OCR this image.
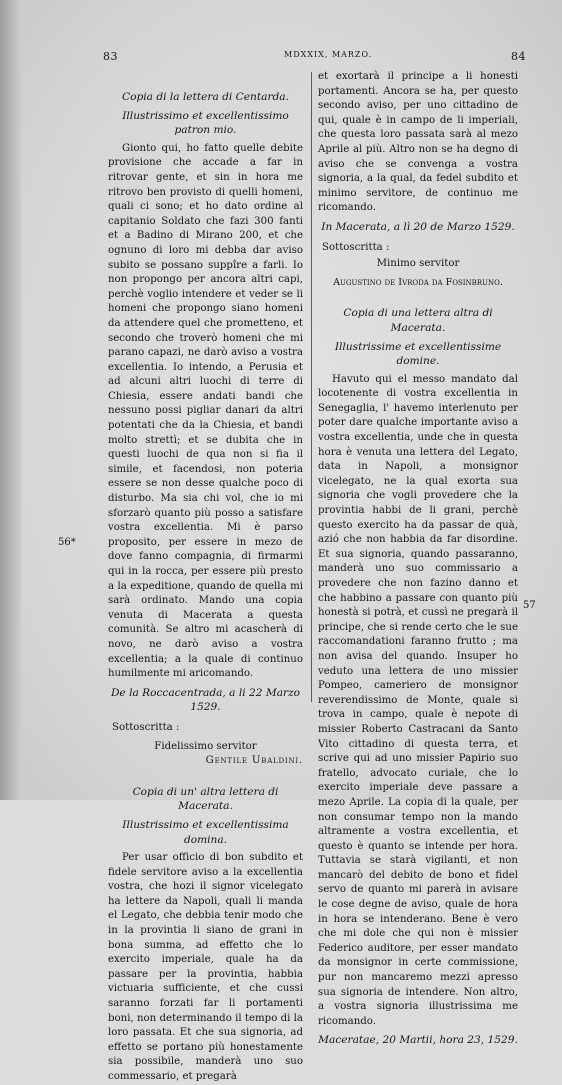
83	MDXXIX, MARZO.	84
56*
57

Copia di la lettera di Centarda.

Illustrissimo et excellentissimo patron mio.

Gionto qui, ho fatto quelle debite provisione che accade a far in ritrovar gente, et sin in hora me ritrovo ben provisto di quelli homeni, quali ci sono; et ho dato ordine al capitanio Soldato che fazi 300 fanti et a Badino di Mirano 200, et che ognuno di loro mi debba dar aviso subito se possano suppîre a farli. Io non propongo per ancora altri capi, perchè voglio intendere et veder se li homeni che propongo siano homeni da attendere quel che prometteno, et secondo che troverò homeni che mi parano capazi, ne darò aviso a vostra excellentia. Io intendo, a Perusia et ad alcuni altri luochi di terre di Chiesia, essere andati bandi che nessuno possi pigliar danari da altri potentati che da la Chiesia, et bandi molto strettì; et se dubita che in questi luochi de qua non si fia il simile, et facendosi, non poteria essere se non desse qualche poco di disturbo. Ma sia chi vol, che io mi sforzarò quanto più posso a satisfare vostra excellentia. Mi è parso proposito, per essere in mezo de dove fanno compagnia, di firmarmi qui in la rocca, per essere più presto a la expeditione, quando de quella mi sarà ordinato. Mando una copia venuta di Macerata a questa comunità. Se altro mi acascherà di novo, ne darò aviso a vostra excellentia; a la quale di continuo humilmente mi aricomando.

De la Roccacentrada, a li 22 Marzo 1529.

Sottoscritta :

Fidelissimo servitor

Gentile Ubaldini.

Copia di un' altra lettera di Macerata.

Illustrissimo et excellentissima domina.

Per usar officio di bon subdito et fidele servitore aviso a la excellentia vostra, che hozi il signor vicelegato ha lettere da Napoli, quali li manda el Legato, che debbia tenir modo che in la provintia li siano de grani in bona summa, ad effetto che lo exercito imperiale, quale ha da passare per la provintia, habbia victuaria sufficiente, et che cussi saranno forzati far li portamenti boni, non determinando il tempo di la loro passata. Et che sua signoria, ad effetto se portano più honestamente sia possibile, manderà uno suo commessario, et pregarà

et exortarà il principe a li honesti portamenti. Ancora se ha, per questo secondo aviso, per uno cittadino de qui, quale è in campo de li imperiali, che questa loro passata sarà al mezo Aprile al più. Altro non se ha degno di aviso che se convenga a vostra signoria, a la qual, da fedel subdito et minimo servitore, de continuo me ricomando.

In Macerata, a lì 20 de Marzo 1529.

Sottoscritta :

Minimo servitor

Augustino de Ivroda da Fosinbruno.

Copia di una lettera altra di Macerata.

Illustrissime et excellentissime domine.

Havuto qui el messo mandato dal locotenente di vostra excellentia in Senegaglia, l' havemo interlenuto per poter dare qualche importante aviso a vostra excellentia, unde che in questa hora è venuta una lettera del Legato, data in Napoli, a monsignor vicelegato, ne la qual exorta sua signoria che vogli provedere che la provintia habbi de li grani, perchè questo exercito ha da passar de quà, azió che non habbia da far disordine. Et sua signoria, quando passaranno, manderà uno suo commissario a provedere che non fazino danno et che habbino a passare con quanto più honestà si potrà, et cussì ne pregarà il principe, che si rende certo che le sue raccomandationi faranno frutto ; ma non avisa del quando. Insuper ho veduto una lettera de uno missier Pompeo, cameriero de monsignor reverendissimo de Monte, quale si trova in campo, quale è nepote di missier Roberto Castracani da Santo Vito cittadino di questa terra, et scrive qui ad uno missier Papirio suo fratello, advocato curiale, che lo exercito imperiale deve passare a mezo Aprile. La copia di la quale, per non consumar tempo non la mando altramente a vostra excellentia, et questo è quanto se intende per hora. Tuttavia se starà vigilanti, et non mancarò del debito de bono et fidel servo de quanto mi parerà in avisare le cose degne de aviso, quale de hora in hora se intenderano. Bene è vero che mi dole che qui non è missier Federico auditore, per esser mandato da monsignor in certe commissione, pur non mancaremo mezzi apresso sua signoria de intendere. Non altro, a vostra signoria illustrissima me ricomando.

Maceratae, 20 Martii, hora 23, 1529.
